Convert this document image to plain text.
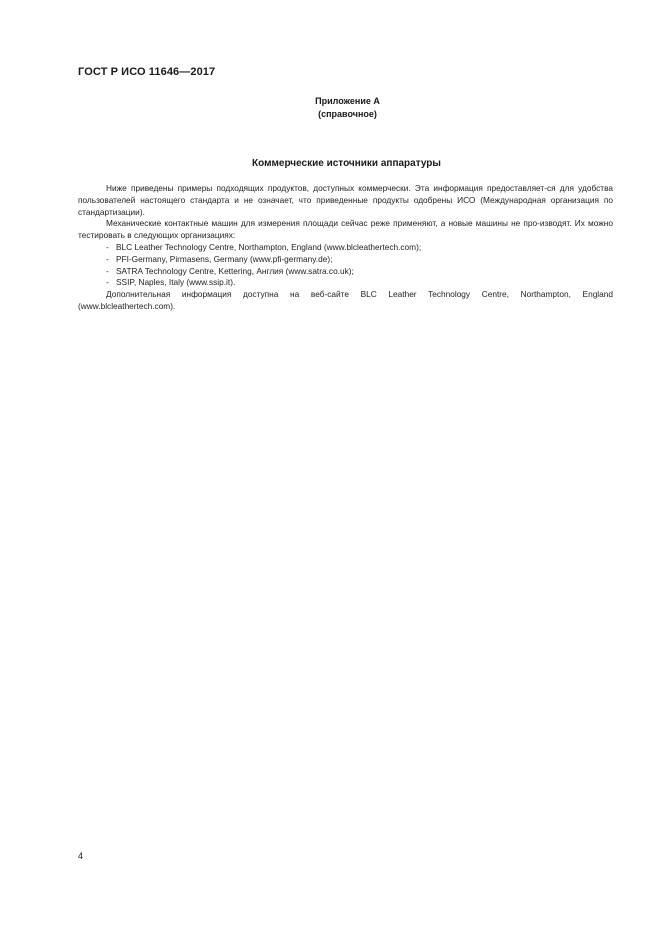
ГОСТ Р ИСО 11646—2017
Приложение А
(справочное)
Коммерческие источники аппаратуры

Ниже приведены примеры подходящих продуктов, доступных коммерчески. Эта информация предоставляет-ся для удобства пользователей настоящего стандарта и не означает, что приведенные продукты одобрены ИСО (Международная организация по стандартизации).

Механические контактные машин для измерения площади сейчас реже применяют, а новые машины не про-изводят. Их можно тестировать в следующих организациях:

- BLC Leather Technology Centre, Northampton, England (www.blcleathertech.com);
- PFI-Germany, Pirmasens, Germany (www.pfi-germany.de);
- SATRA Technology Centre, Kettering, Англия (www.satra.co.uk);
- SSIP, Naples, Italy (www.ssip.it).

Дополнительная информация доступна на веб-сайте BLC Leather Technology Centre, Northampton, England (www.blcleathertech.com).

4
